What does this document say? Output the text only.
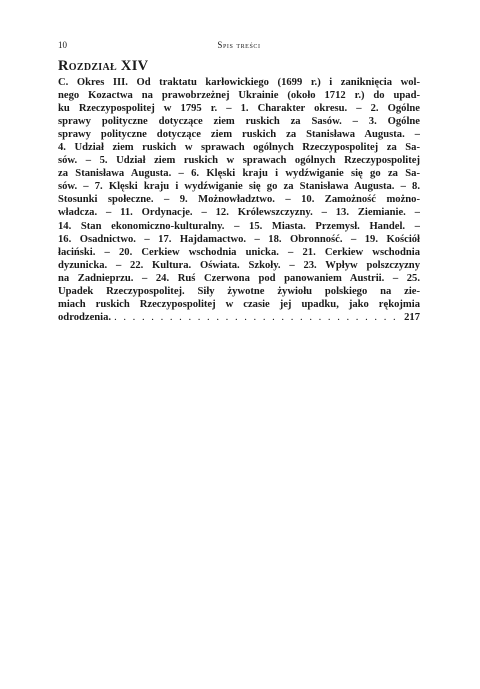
10	Spis treści
Rozdział XIV
C. Okres III. Od traktatu karłowickiego (1699 r.) i zaniknięcia wol-
nego Kozactwa na prawobrzeżnej Ukrainie (około 1712 r.) do upad-
ku Rzeczypospolitej w 1795 r. – 1. Charakter okresu. – 2. Ogólne
sprawy polityczne dotyczące ziem ruskich za Sasów. – 3. Ogólne
sprawy polityczne dotyczące ziem ruskich za Stanisława Augusta. –
4. Udział ziem ruskich w sprawach ogólnych Rzeczypospolitej za Sa-
sów. – 5. Udział ziem ruskich w sprawach ogólnych Rzeczypospolitej
za Stanisława Augusta. – 6. Klęski kraju i wydźwiganie się go za Sa-
sów. – 7. Klęski kraju i wydźwiganie się go za Stanisława Augusta. – 8.
Stosunki społeczne. – 9. Możnowładztwo. – 10. Zamożność możno-
władcza. – 11. Ordynacje. – 12. Królewszczyzny. – 13. Ziemianie. –
14. Stan ekonomiczno-kulturalny. – 15. Miasta. Przemysł. Handel. –
16. Osadnictwo. – 17. Hajdamactwo. – 18. Obronność. – 19. Kościół
łaciński. – 20. Cerkiew wschodnia unicka. – 21. Cerkiew wschodnia
dyzunicka. – 22. Kultura. Oświata. Szkoły. – 23. Wpływ polszczyzny
na Zadnieprzu. – 24. Ruś Czerwona pod panowaniem Austrii. – 25.
Upadek Rzeczypospolitej. Siły żywotne żywiołu polskiego na zie-
miach ruskich Rzeczypospolitej w czasie jej upadku, jako rękojmia
odrodzenia.
. . .	217
